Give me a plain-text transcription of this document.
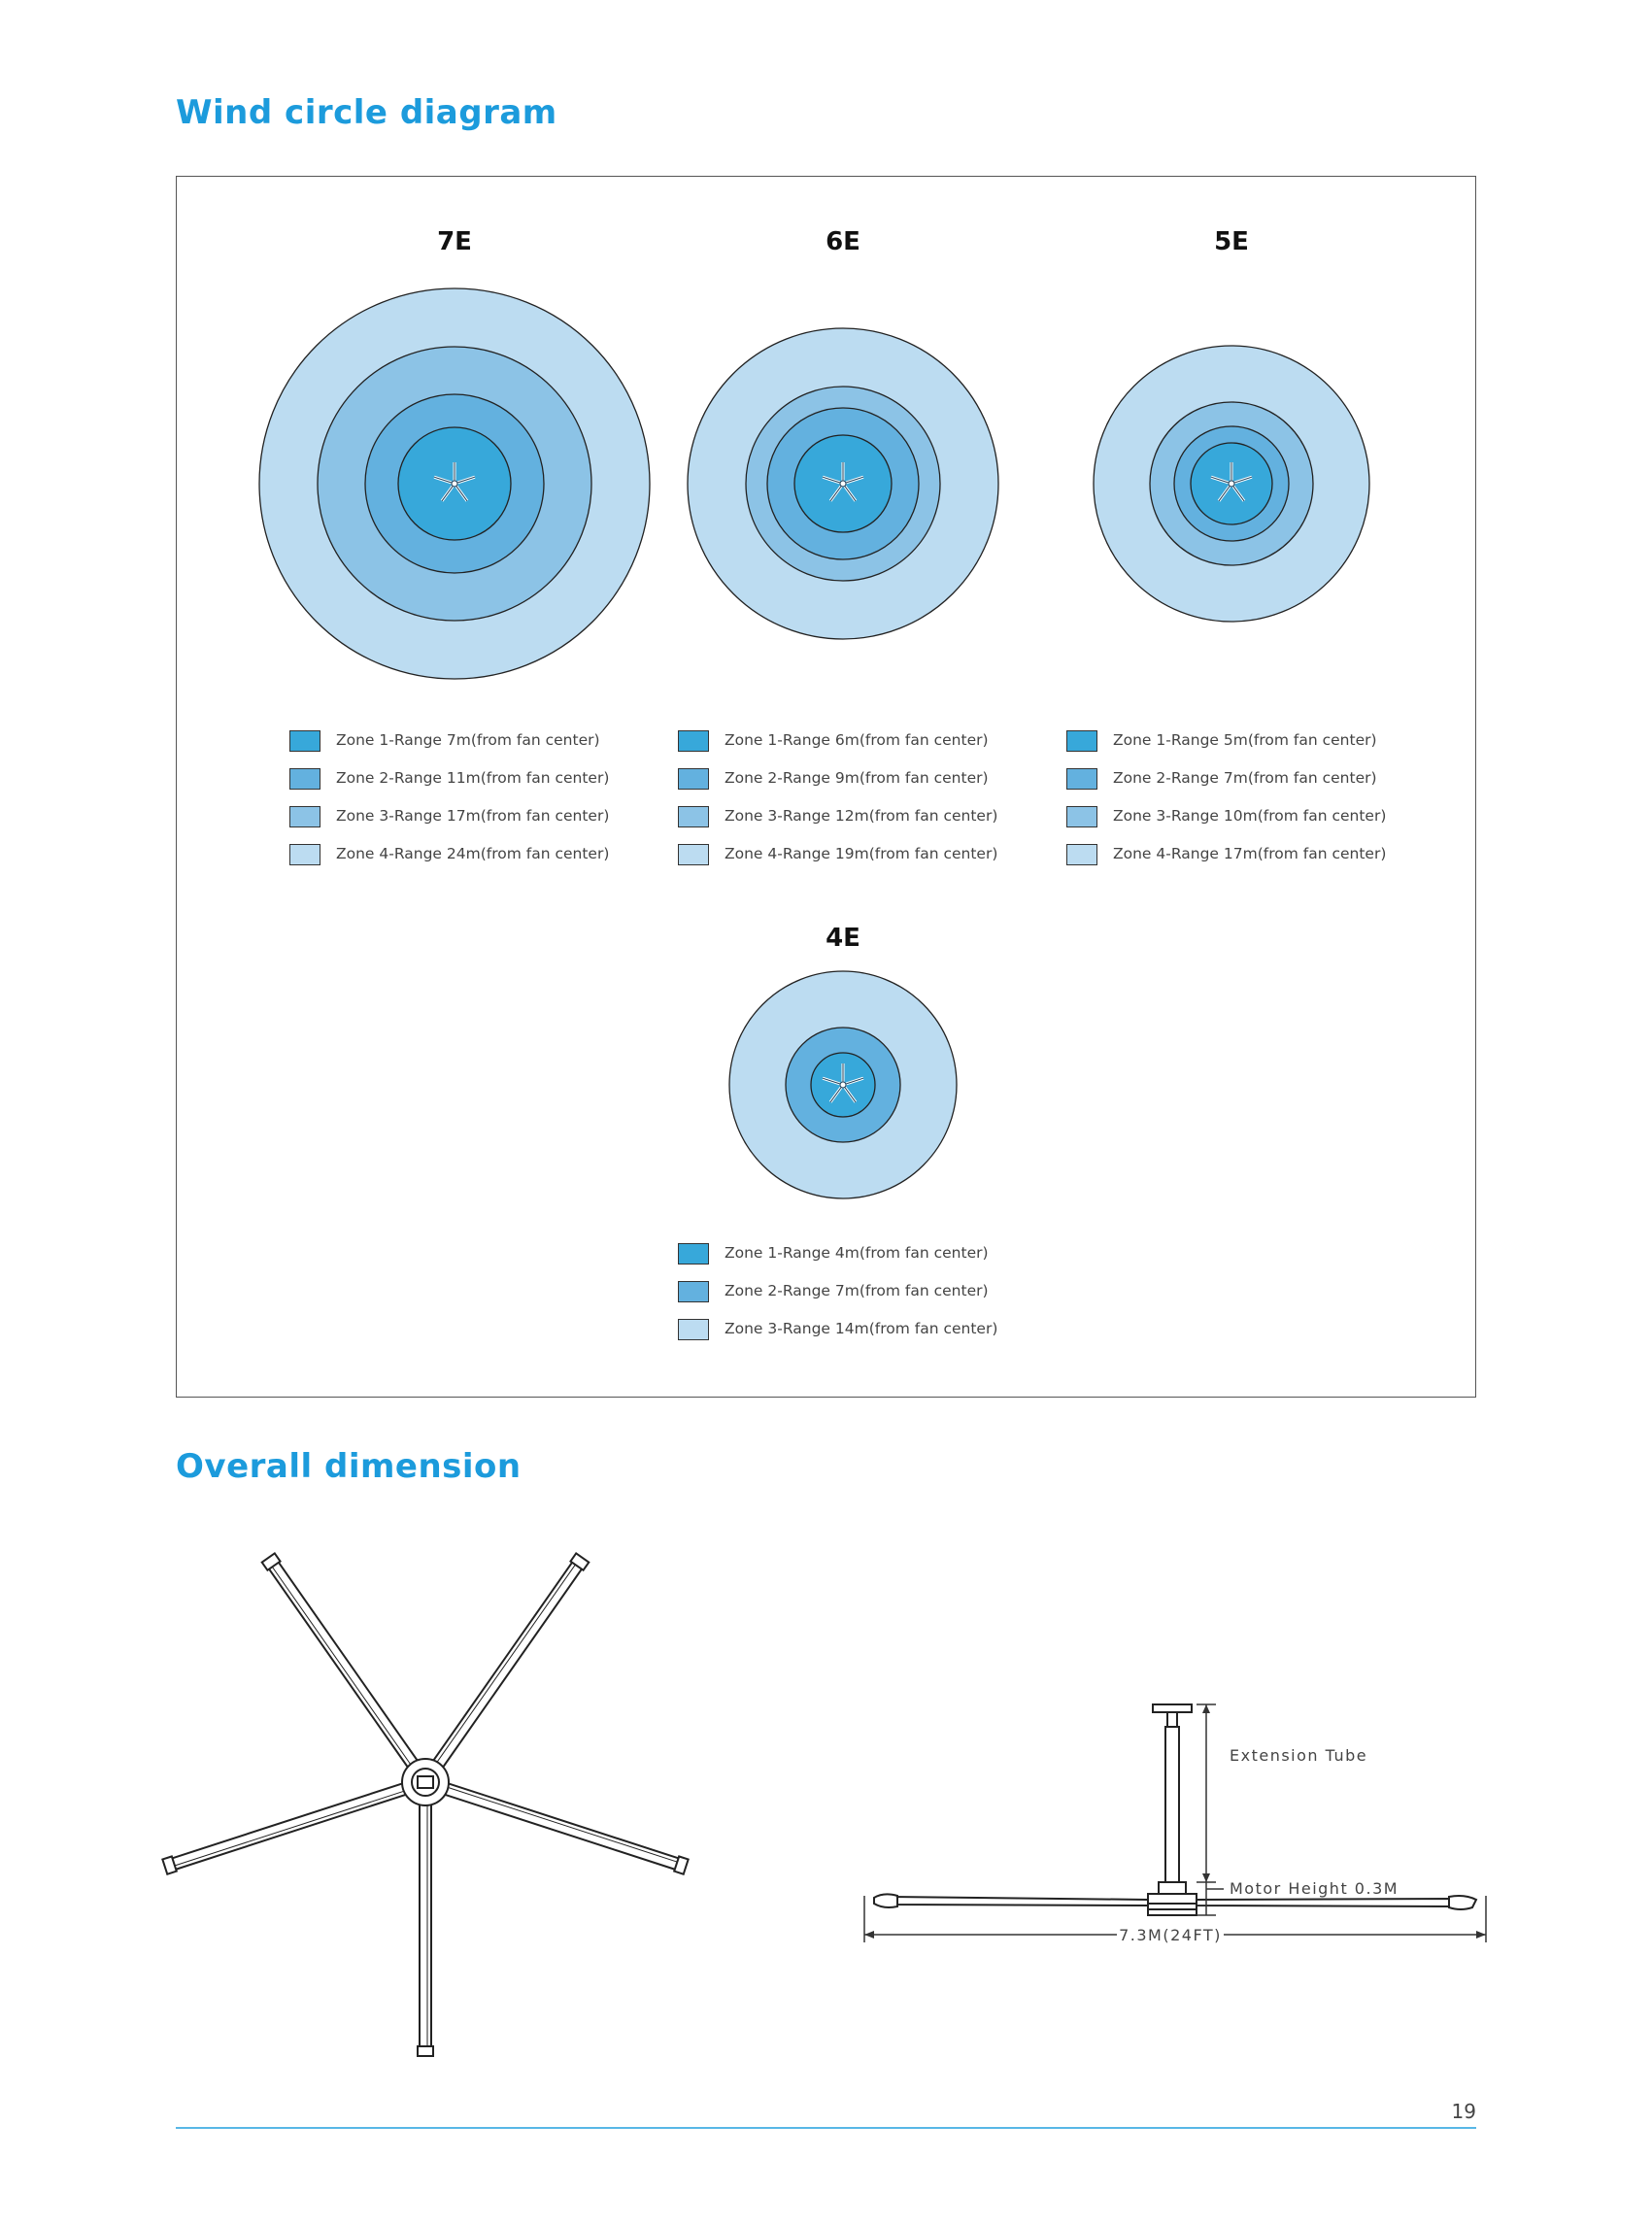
Wind circle diagram
7E
Zone 1-Range 7m(from fan center)
Zone 2-Range 11m(from fan center)
Zone 3-Range 17m(from fan center)
Zone 4-Range 24m(from fan center)
6E
Zone 1-Range 6m(from fan center)
Zone 2-Range 9m(from fan center)
Zone 3-Range 12m(from fan center)
Zone 4-Range 19m(from fan center)
5E
Zone 1-Range 5m(from fan center)
Zone 2-Range 7m(from fan center)
Zone 3-Range 10m(from fan center)
Zone 4-Range 17m(from fan center)
4E
Zone 1-Range 4m(from fan center)
Zone 2-Range 7m(from fan center)
Zone 3-Range 14m(from fan center)
Overall dimension
Extension Tube
Motor Height 0.3M
7.3M(24FT)
19
